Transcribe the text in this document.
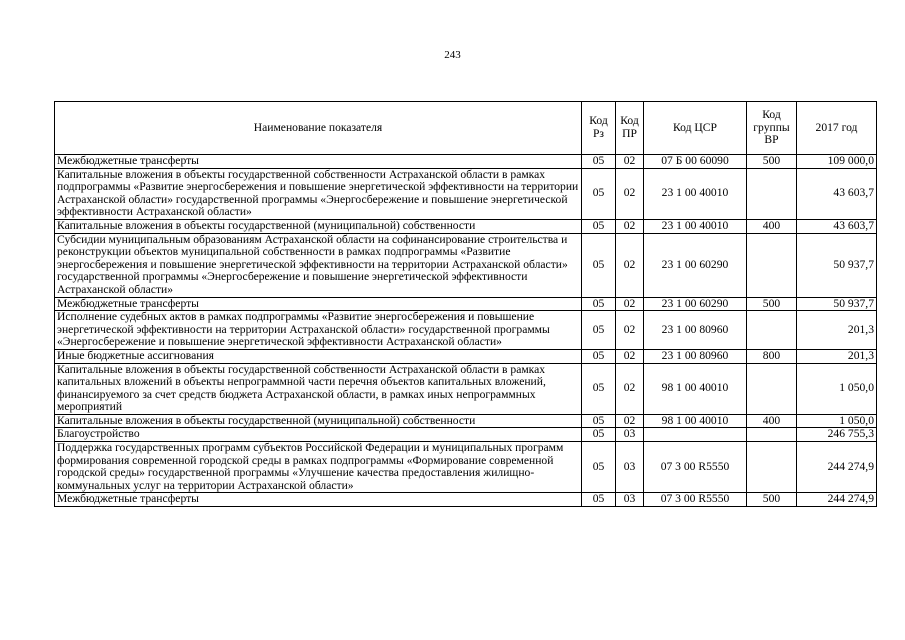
243
Наименование показателя	Код Рз	Код ПР	Код ЦСР	Код группы ВР	2017 год
Межбюджетные трансферты	05	02	07 Б 00 60090	500	109 000,0
Капитальные вложения в объекты государственной собственности Астраханской области в рамках подпрограммы «Развитие энергосбережения и повышение энергетической эффективности на территории Астраханской области» государственной программы «Энергосбережение и повышение энергетической эффективности Астраханской области»	05	02	23 1 00 40010		43 603,7
Капитальные вложения в объекты государственной (муниципальной) собственности	05	02	23 1 00 40010	400	43 603,7
Субсидии муниципальным образованиям Астраханской области на софинансирование строительства и реконструкции объектов муниципальной собственности в рамках подпрограммы «Развитие энергосбережения и повышение энергетической эффективности на территории Астраханской области» государственной программы «Энергосбережение и повышение энергетической эффективности Астраханской области»	05	02	23 1 00 60290		50 937,7
Межбюджетные трансферты	05	02	23 1 00 60290	500	50 937,7
Исполнение судебных актов в рамках подпрограммы «Развитие энергосбережения и повышение энергетической эффективности на территории Астраханской области» государственной программы «Энергосбережение и повышение энергетической эффективности Астраханской области»	05	02	23 1 00 80960		201,3
Иные бюджетные ассигнования	05	02	23 1 00 80960	800	201,3
Капитальные вложения в объекты государственной собственности Астраханской области в рамках капитальных вложений в объекты непрограммной части перечня объектов капитальных вложений, финансируемого за счет средств бюджета Астраханской области, в рамках иных непрограммных мероприятий	05	02	98 1 00 40010		1 050,0
Капитальные вложения в объекты государственной (муниципальной) собственности	05	02	98 1 00 40010	400	1 050,0
Благоустройство	05	03			246 755,3
Поддержка государственных программ субъектов Российской Федерации и муниципальных программ формирования современной городской среды в рамках подпрограммы «Формирование современной городской среды» государственной программы «Улучшение качества предоставления жилищно-коммунальных услуг на территории Астраханской области»	05	03	07 3 00 R5550		244 274,9
Межбюджетные трансферты	05	03	07 3 00 R5550	500	244 274,9
